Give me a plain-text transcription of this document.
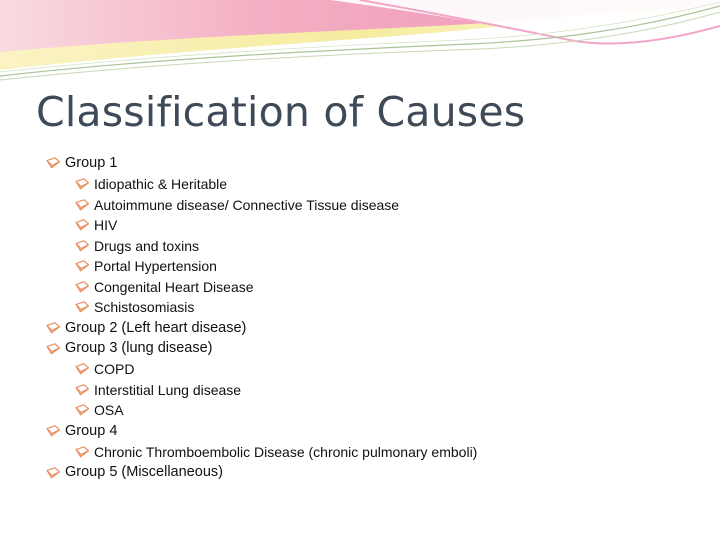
Classification of Causes
Group 1
Idiopathic & Heritable
Autoimmune disease/ Connective Tissue disease
HIV
Drugs and toxins
Portal Hypertension
Congenital Heart Disease
Schistosomiasis
Group 2 (Left heart disease)
Group 3 (lung disease)
COPD
Interstitial Lung disease
OSA
Group 4
Chronic Thromboembolic Disease (chronic pulmonary emboli)
Group 5 (Miscellaneous)
